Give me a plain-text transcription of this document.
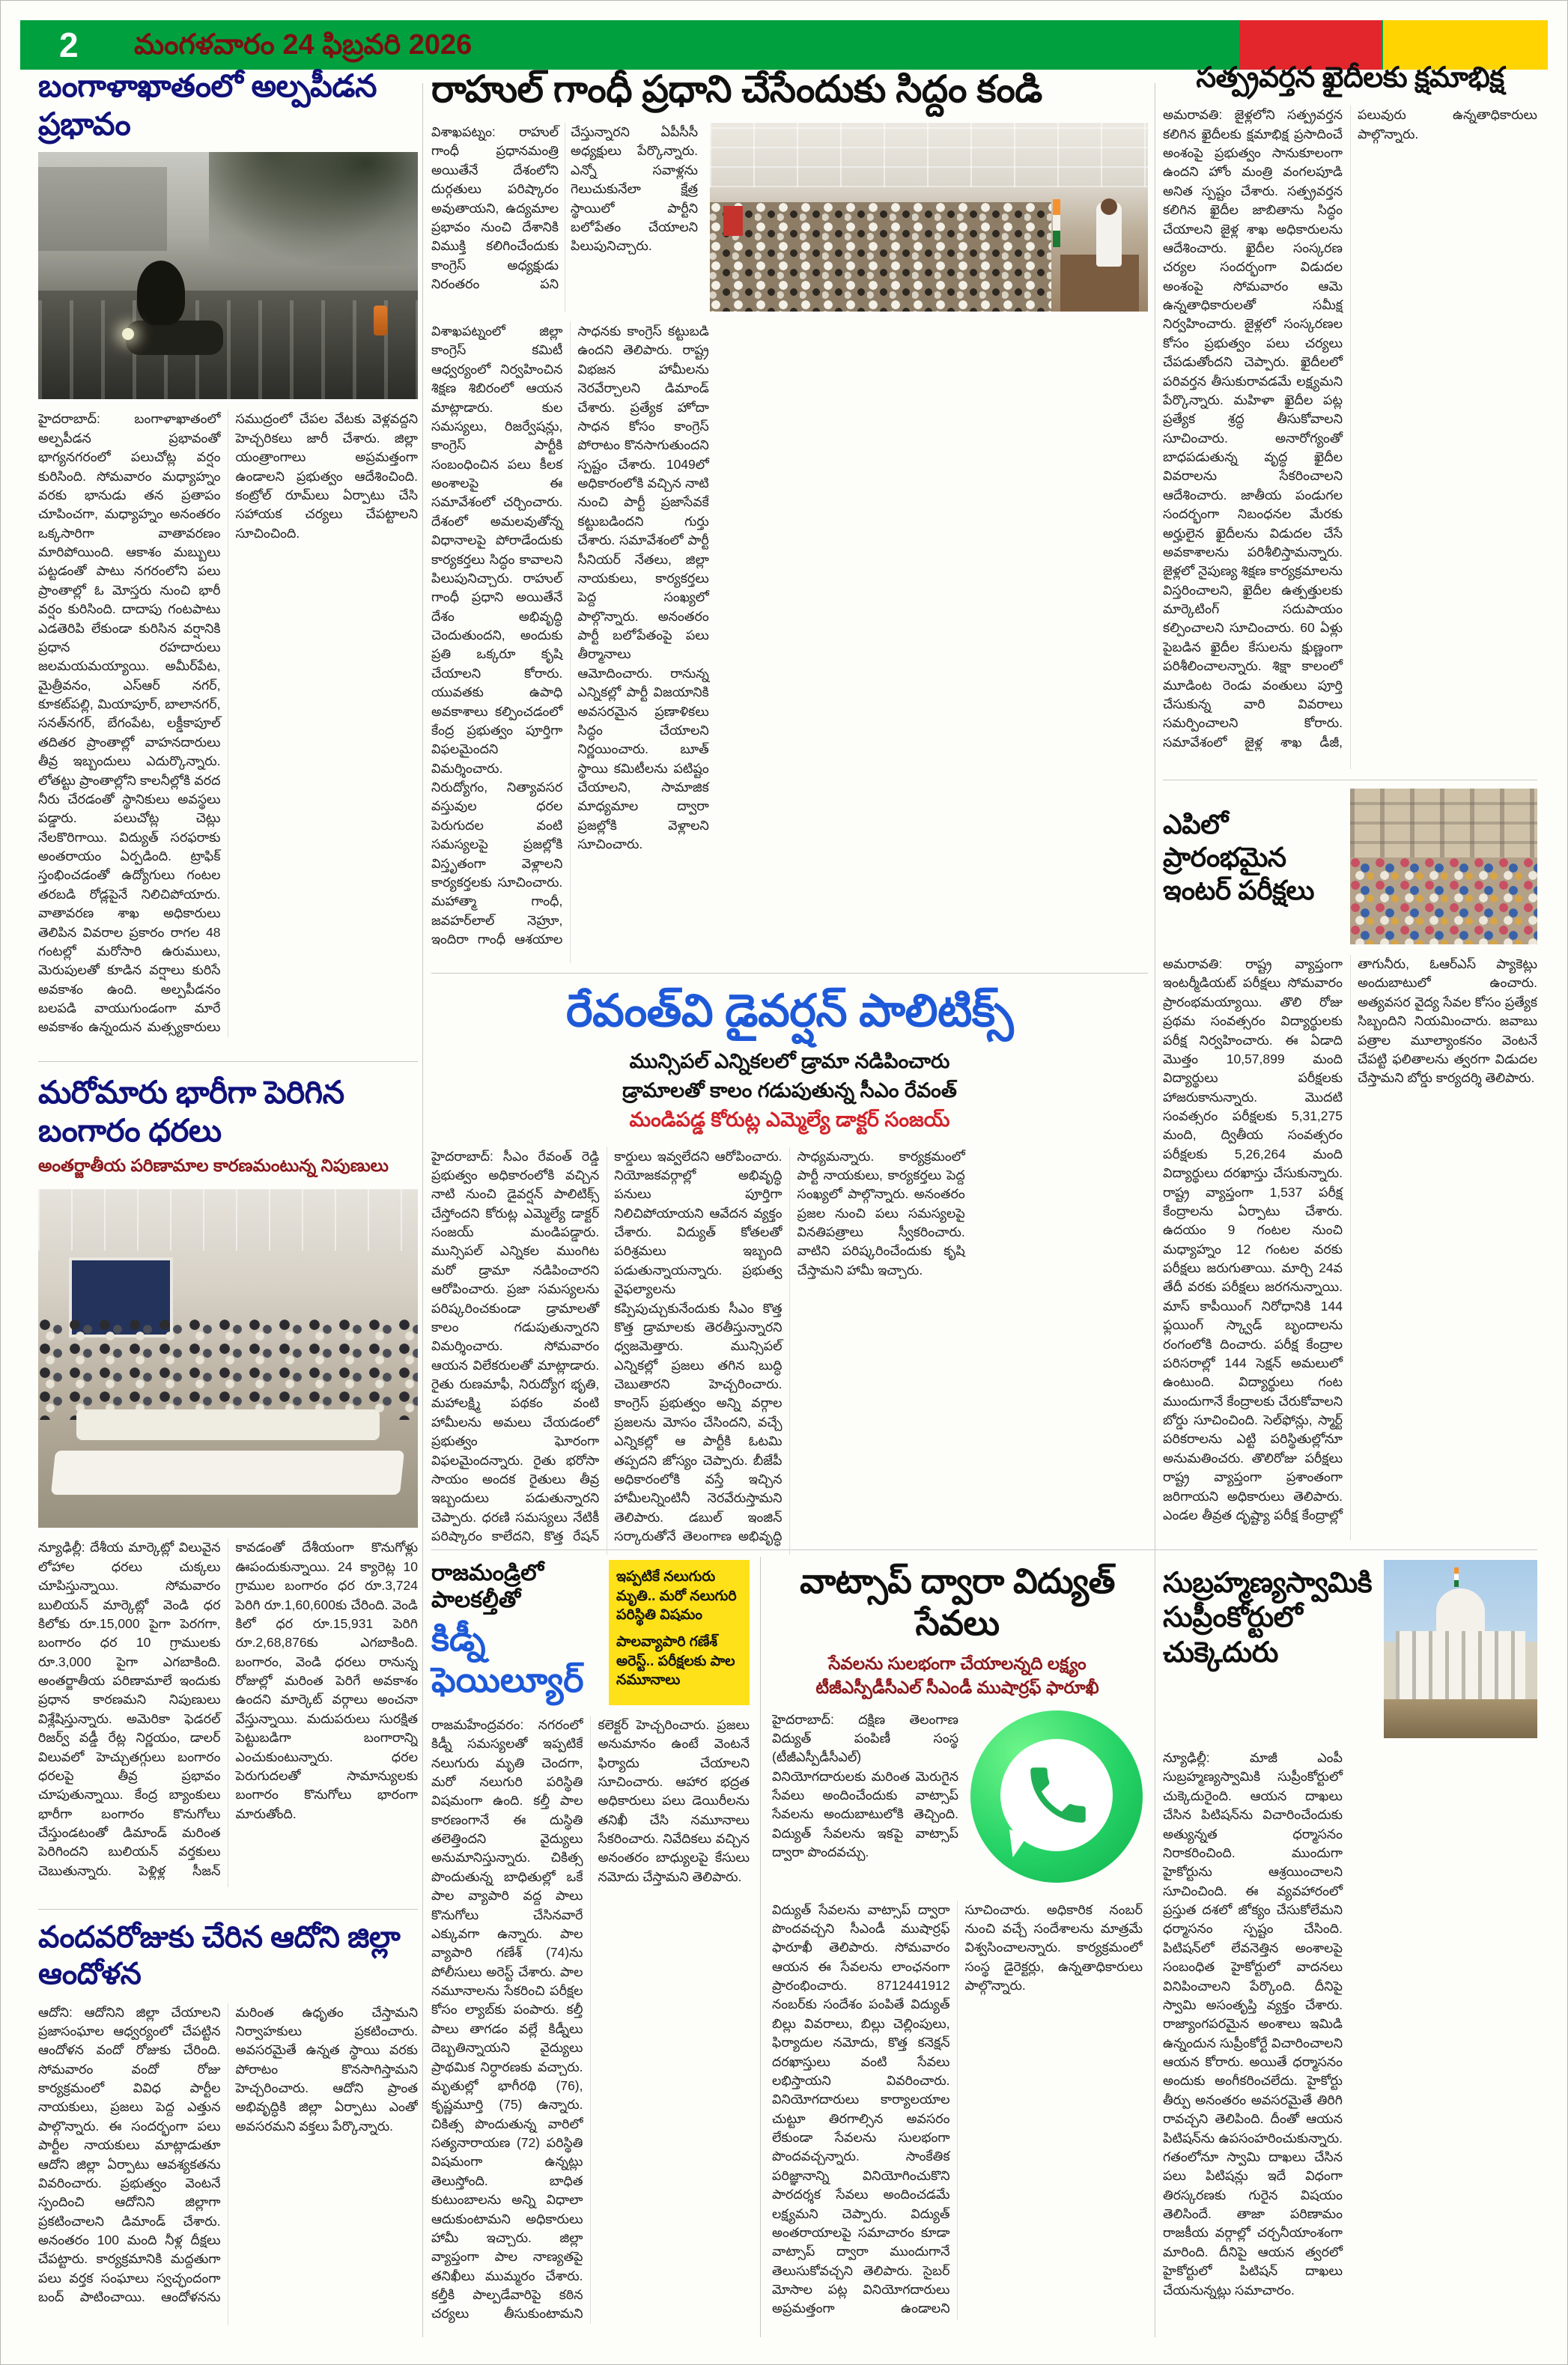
2 మంగళవారం 24 ఫిబ్రవరి 2026
బంగాళాఖాతంలో అల్పపీడన ప్రభావం
హైదరాబాద్: బంగాళాఖాతంలో అల్పపీడన ప్రభావంతో భాగ్యనగరంలో పలుచోట్ల వర్షం కురిసింది. సోమవారం మధ్యాహ్నం వరకు భానుడు తన ప్రతాపం చూపించగా, మధ్యాహ్నం అనంతరం ఒక్కసారిగా వాతావరణం మారిపోయింది. ఆకాశం మబ్బులు పట్టడంతో పాటు నగరంలోని పలు ప్రాంతాల్లో ఓ మోస్తరు నుంచి భారీ వర్షం కురిసింది. దాదాపు గంటపాటు ఎడతెరిపి లేకుండా కురిసిన వర్షానికి ప్రధాన రహదారులు జలమయమయ్యాయి. అమీర్‌పేట, మైత్రీవనం, ఎస్ఆర్ నగర్, కూకట్‌పల్లి, మియాపూర్, బాలానగర్, సనత్‌నగర్, బేగంపేట, లక్డీకాపూల్ తదితర ప్రాంతాల్లో వాహనదారులు తీవ్ర ఇబ్బందులు ఎదుర్కొన్నారు. లోతట్టు ప్రాంతాల్లోని కాలనీల్లోకి వరద నీరు చేరడంతో స్థానికులు అవస్థలు పడ్డారు. పలుచోట్ల చెట్లు నేలకొరిగాయి. విద్యుత్ సరఫరాకు అంతరాయం ఏర్పడింది. ట్రాఫిక్ స్తంభించడంతో ఉద్యోగులు గంటల తరబడి రోడ్లపైనే నిలిచిపోయారు. వాతావరణ శాఖ అధికారులు తెలిపిన వివరాల ప్రకారం రాగల 48 గంటల్లో మరోసారి ఉరుములు, మెరుపులతో కూడిన వర్షాలు కురిసే అవకాశం ఉంది. అల్పపీడనం బలపడి వాయుగుండంగా మారే అవకాశం ఉన్నందున మత్స్యకారులు సముద్రంలో చేపల వేటకు వెళ్లవద్దని హెచ్చరికలు జారీ చేశారు. జిల్లా యంత్రాంగాలు అప్రమత్తంగా ఉండాలని ప్రభుత్వం ఆదేశించింది. కంట్రోల్ రూమ్‌లు ఏర్పాటు చేసి సహాయక చర్యలు చేపట్టాలని సూచించింది.
రాహుల్ గాంధీ ప్రధాని చేసేందుకు సిద్దం కండి
విశాఖపట్నం: రాహుల్ గాంధీ ప్రధానమంత్రి అయితేనే దేశంలోని దుర్గతులు పరిష్కారం అవుతాయని, ఉద్యమాల ప్రభావం నుంచి దేశానికి విముక్తి కలిగించేందుకు కాంగ్రెస్ అధ్యక్షుడు నిరంతరం పని చేస్తున్నారని ఏపీసీసీ అధ్యక్షులు పేర్కొన్నారు. ఎన్నో సవాళ్లను గెలుచుకునేలా క్షేత్ర స్థాయిలో పార్టీని బలోపేతం చేయాలని పిలుపునిచ్చారు.
విశాఖపట్నంలో జిల్లా కాంగ్రెస్ కమిటీ ఆధ్వర్యంలో నిర్వహించిన శిక్షణ శిబిరంలో ఆయన మాట్లాడారు. కుల సమస్యలు, రిజర్వేషన్లు, కాంగ్రెస్ పార్టీకి సంబంధించిన పలు కీలక అంశాలపై ఈ సమావేశంలో చర్చించారు. దేశంలో అమలవుతోన్న విధానాలపై పోరాడేందుకు కార్యకర్తలు సిద్ధం కావాలని పిలుపునిచ్చారు. రాహుల్ గాంధీ ప్రధాని అయితేనే దేశం అభివృద్ధి చెందుతుందని, అందుకు ప్రతి ఒక్కరూ కృషి చేయాలని కోరారు. యువతకు ఉపాధి అవకాశాలు కల్పించడంలో కేంద్ర ప్రభుత్వం పూర్తిగా విఫలమైందని విమర్శించారు. నిరుద్యోగం, నిత్యావసర వస్తువుల ధరల పెరుగుదల వంటి సమస్యలపై ప్రజల్లోకి విస్తృతంగా వెళ్లాలని కార్యకర్తలకు సూచించారు. మహాత్మా గాంధీ, జవహర్‌లాల్ నెహ్రూ, ఇందిరా గాంధీ ఆశయాల సాధనకు కాంగ్రెస్ కట్టుబడి ఉందని తెలిపారు. రాష్ట్ర విభజన హామీలను నెరవేర్చాలని డిమాండ్ చేశారు. ప్రత్యేక హోదా సాధన కోసం కాంగ్రెస్ పోరాటం కొనసాగుతుందని స్పష్టం చేశారు. 1049లో అధికారంలోకి వచ్చిన నాటి నుంచి పార్టీ ప్రజాసేవకే కట్టుబడిందని గుర్తు చేశారు. సమావేశంలో పార్టీ సీనియర్ నేతలు, జిల్లా నాయకులు, కార్యకర్తలు పెద్ద సంఖ్యలో పాల్గొన్నారు. అనంతరం పార్టీ బలోపేతంపై పలు తీర్మానాలు ఆమోదించారు. రానున్న ఎన్నికల్లో పార్టీ విజయానికి అవసరమైన ప్రణాళికలు సిద్ధం చేయాలని నిర్ణయించారు. బూత్ స్థాయి కమిటీలను పటిష్టం చేయాలని, సామాజిక మాధ్యమాల ద్వారా ప్రజల్లోకి వెళ్లాలని సూచించారు.
సత్ప్రవర్తన ఖైదీలకు క్షమాభిక్ష
అమరావతి: జైళ్లలోని సత్ప్రవర్తన కలిగిన ఖైదీలకు క్షమాభిక్ష ప్రసాదించే అంశంపై ప్రభుత్వం సానుకూలంగా ఉందని హోం మంత్రి వంగలపూడి అనిత స్పష్టం చేశారు. సత్ప్రవర్తన కలిగిన ఖైదీల జాబితాను సిద్ధం చేయాలని జైళ్ల శాఖ అధికారులను ఆదేశించారు. ఖైదీల సంస్కరణ చర్యల సందర్భంగా విడుదల అంశంపై సోమవారం ఆమె ఉన్నతాధికారులతో సమీక్ష నిర్వహించారు. జైళ్లలో సంస్కరణల కోసం ప్రభుత్వం పలు చర్యలు చేపడుతోందని చెప్పారు. ఖైదీలలో పరివర్తన తీసుకురావడమే లక్ష్యమని పేర్కొన్నారు. మహిళా ఖైదీల పట్ల ప్రత్యేక శ్రద్ధ తీసుకోవాలని సూచించారు. అనారోగ్యంతో బాధపడుతున్న వృద్ధ ఖైదీల వివరాలను సేకరించాలని ఆదేశించారు. జాతీయ పండుగల సందర్భంగా నిబంధనల మేరకు అర్హులైన ఖైదీలను విడుదల చేసే అవకాశాలను పరిశీలిస్తామన్నారు. జైళ్లలో నైపుణ్య శిక్షణ కార్యక్రమాలను విస్తరించాలని, ఖైదీల ఉత్పత్తులకు మార్కెటింగ్ సదుపాయం కల్పించాలని సూచించారు. 60 ఏళ్లు పైబడిన ఖైదీల కేసులను క్షుణ్ణంగా పరిశీలించాలన్నారు. శిక్షా కాలంలో మూడింట రెండు వంతులు పూర్తి చేసుకున్న వారి వివరాలు సమర్పించాలని కోరారు. సమావేశంలో జైళ్ల శాఖ డీజీ, పలువురు ఉన్నతాధికారులు పాల్గొన్నారు.
ఎపిలో ప్రారంభమైన ఇంటర్ పరీక్షలు
అమరావతి: రాష్ట్ర వ్యాప్తంగా ఇంటర్మీడియట్ పరీక్షలు సోమవారం ప్రారంభమయ్యాయి. తొలి రోజు ప్రథమ సంవత్సరం విద్యార్థులకు పరీక్ష నిర్వహించారు. ఈ ఏడాది మొత్తం 10,57,899 మంది విద్యార్థులు పరీక్షలకు హాజరుకానున్నారు. మొదటి సంవత్సరం పరీక్షలకు 5,31,275 మంది, ద్వితీయ సంవత్సరం పరీక్షలకు 5,26,264 మంది విద్యార్థులు దరఖాస్తు చేసుకున్నారు. రాష్ట్ర వ్యాప్తంగా 1,537 పరీక్ష కేంద్రాలను ఏర్పాటు చేశారు. ఉదయం 9 గంటల నుంచి మధ్యాహ్నం 12 గంటల వరకు పరీక్షలు జరుగుతాయి. మార్చి 24వ తేదీ వరకు పరీక్షలు జరగనున్నాయి. మాస్ కాపీయింగ్ నిరోధానికి 144 ఫ్లయింగ్ స్క్వాడ్ బృందాలను రంగంలోకి దించారు. పరీక్ష కేంద్రాల పరిసరాల్లో 144 సెక్షన్ అమలులో ఉంటుంది. విద్యార్థులు గంట ముందుగానే కేంద్రాలకు చేరుకోవాలని బోర్డు సూచించింది. సెల్‌ఫోన్లు, స్మార్ట్ పరికరాలను ఎట్టి పరిస్థితుల్లోనూ అనుమతించరు. తొలిరోజు పరీక్షలు రాష్ట్ర వ్యాప్తంగా ప్రశాంతంగా జరిగాయని అధికారులు తెలిపారు. ఎండల తీవ్రత దృష్ట్యా పరీక్ష కేంద్రాల్లో తాగునీరు, ఓఆర్ఎస్ ప్యాకెట్లు అందుబాటులో ఉంచారు. అత్యవసర వైద్య సేవల కోసం ప్రత్యేక సిబ్బందిని నియమించారు. జవాబు పత్రాల మూల్యాంకనం వెంటనే చేపట్టి ఫలితాలను త్వరగా విడుదల చేస్తామని బోర్డు కార్యదర్శి తెలిపారు.
రేవంత్‌వి డైవర్షన్ పాలిటిక్స్
మున్సిపల్ ఎన్నికలలో డ్రామా నడిపించారు
డ్రామాలతో కాలం గడుపుతున్న సీఎం రేవంత్
మండిపడ్డ కోరుట్ల ఎమ్మెల్యే డాక్టర్ సంజయ్
హైదరాబాద్: సీఎం రేవంత్ రెడ్డి ప్రభుత్వం అధికారంలోకి వచ్చిన నాటి నుంచి డైవర్షన్ పాలిటిక్స్ చేస్తోందని కోరుట్ల ఎమ్మెల్యే డాక్టర్ సంజయ్ మండిపడ్డారు. మున్సిపల్ ఎన్నికల ముంగిట మరో డ్రామా నడిపించారని ఆరోపించారు. ప్రజా సమస్యలను పరిష్కరించకుండా డ్రామాలతో కాలం గడుపుతున్నారని విమర్శించారు. సోమవారం ఆయన విలేకరులతో మాట్లాడారు. రైతు రుణమాఫీ, నిరుద్యోగ భృతి, మహాలక్ష్మి పథకం వంటి హామీలను అమలు చేయడంలో ప్రభుత్వం ఘోరంగా విఫలమైందన్నారు. రైతు భరోసా సాయం అందక రైతులు తీవ్ర ఇబ్బందులు పడుతున్నారని చెప్పారు. ధరణి సమస్యలు నేటికీ పరిష్కారం కాలేదని, కొత్త రేషన్ కార్డులు ఇవ్వలేదని ఆరోపించారు. నియోజకవర్గాల్లో అభివృద్ధి పనులు పూర్తిగా నిలిచిపోయాయని ఆవేదన వ్యక్తం చేశారు. విద్యుత్ కోతలతో పరిశ్రమలు ఇబ్బంది పడుతున్నాయన్నారు. ప్రభుత్వ వైఫల్యాలను కప్పిపుచ్చుకునేందుకు సీఎం కొత్త కొత్త డ్రామాలకు తెరతీస్తున్నారని ధ్వజమెత్తారు. మున్సిపల్ ఎన్నికల్లో ప్రజలు తగిన బుద్ధి చెబుతారని హెచ్చరించారు. కాంగ్రెస్ ప్రభుత్వం అన్ని వర్గాల ప్రజలను మోసం చేసిందని, వచ్చే ఎన్నికల్లో ఆ పార్టీకి ఓటమి తప్పదని జోస్యం చెప్పారు. బీజేపీ అధికారంలోకి వస్తే ఇచ్చిన హామీలన్నింటినీ నెరవేరుస్తామని తెలిపారు. డబుల్ ఇంజిన్ సర్కారుతోనే తెలంగాణ అభివృద్ధి సాధ్యమన్నారు. కార్యక్రమంలో పార్టీ నాయకులు, కార్యకర్తలు పెద్ద సంఖ్యలో పాల్గొన్నారు. అనంతరం ప్రజల నుంచి పలు సమస్యలపై వినతిపత్రాలు స్వీకరించారు. వాటిని పరిష్కరించేందుకు కృషి చేస్తామని హామీ ఇచ్చారు.
మరోమారు భారీగా పెరిగిన బంగారం ధరలు
అంతర్జాతీయ పరిణామాల కారణమంటున్న నిపుణులు
న్యూఢిల్లీ: దేశీయ మార్కెట్లో విలువైన లోహాల ధరలు చుక్కలు చూపిస్తున్నాయి. సోమవారం బులియన్ మార్కెట్లో వెండి ధర కిలోకు రూ.15,000 పైగా పెరగగా, బంగారం ధర 10 గ్రాములకు రూ.3,000 పైగా ఎగబాకింది. అంతర్జాతీయ పరిణామాలే ఇందుకు ప్రధాన కారణమని నిపుణులు విశ్లేషిస్తున్నారు. అమెరికా ఫెడరల్ రిజర్వ్ వడ్డీ రేట్ల నిర్ణయం, డాలర్ విలువలో హెచ్చుతగ్గులు బంగారం ధరలపై తీవ్ర ప్రభావం చూపుతున్నాయి. కేంద్ర బ్యాంకులు భారీగా బంగారం కొనుగోలు చేస్తుండటంతో డిమాండ్ మరింత పెరిగిందని బులియన్ వర్తకులు చెబుతున్నారు. పెళ్లిళ్ల సీజన్ కావడంతో దేశీయంగా కొనుగోళ్లు ఊపందుకున్నాయి. 24 క్యారెట్ల 10 గ్రాముల బంగారం ధర రూ.3,724 పెరిగి రూ.1,60,600కు చేరింది. వెండి కిలో ధర రూ.15,931 పెరిగి రూ.2,68,876కు ఎగబాకింది. బంగారం, వెండి ధరలు రానున్న రోజుల్లో మరింత పెరిగే అవకాశం ఉందని మార్కెట్ వర్గాలు అంచనా వేస్తున్నాయి. మదుపరులు సురక్షిత పెట్టుబడిగా బంగారాన్ని ఎంచుకుంటున్నారు. ధరల పెరుగుదలతో సామాన్యులకు బంగారం కొనుగోలు భారంగా మారుతోంది.
వందవరోజుకు చేరిన ఆదోని జిల్లా ఆందోళన
ఆదోని: ఆదోనిని జిల్లా చేయాలని ప్రజాసంఘాల ఆధ్వర్యంలో చేపట్టిన ఆందోళన వందో రోజుకు చేరింది. సోమవారం వందో రోజు కార్యక్రమంలో వివిధ పార్టీల నాయకులు, ప్రజలు పెద్ద ఎత్తున పాల్గొన్నారు. ఈ సందర్భంగా పలు పార్టీల నాయకులు మాట్లాడుతూ ఆదోని జిల్లా ఏర్పాటు ఆవశ్యకతను వివరించారు. ప్రభుత్వం వెంటనే స్పందించి ఆదోనిని జిల్లాగా ప్రకటించాలని డిమాండ్ చేశారు. అనంతరం 100 మంది నీళ్ల దీక్షలు చేపట్టారు. కార్యక్రమానికి మద్దతుగా పలు వర్తక సంఘాలు స్వచ్ఛందంగా బంద్ పాటించాయి. ఆందోళనను మరింత ఉధృతం చేస్తామని నిర్వాహకులు ప్రకటించారు. అవసరమైతే ఉన్నత స్థాయి వరకు పోరాటం కొనసాగిస్తామని హెచ్చరించారు. ఆదోని ప్రాంత అభివృద్ధికి జిల్లా ఏర్పాటు ఎంతో అవసరమని వక్తలు పేర్కొన్నారు.
రాజమండ్రిలో పాలకల్తీతో
కిడ్నీ ఫెయిల్యూర్
ఇప్పటికే నలుగురు మృతి.. మరో నలుగురి పరిస్థితి విషమం
పాలవ్యాపారి గణేశ్ అరెస్ట్.. పరీక్షలకు పాల నమూనాలు
రాజమహేంద్రవరం: నగరంలో కిడ్నీ సమస్యలతో ఇప్పటికే నలుగురు మృతి చెందగా, మరో నలుగురి పరిస్థితి విషమంగా ఉంది. కల్తీ పాల కారణంగానే ఈ దుస్థితి తలెత్తిందని వైద్యులు అనుమానిస్తున్నారు. చికిత్స పొందుతున్న బాధితుల్లో ఒకే పాల వ్యాపారి వద్ద పాలు కొనుగోలు చేసినవారే ఎక్కువగా ఉన్నారు. పాల వ్యాపారి గణేశ్ (74)ను పోలీసులు అరెస్ట్ చేశారు. పాల నమూనాలను సేకరించి పరీక్షల కోసం ల్యాబ్‌కు పంపారు. కల్తీ పాలు తాగడం వల్లే కిడ్నీలు దెబ్బతిన్నాయని వైద్యులు ప్రాథమిక నిర్ధారణకు వచ్చారు. మృతుల్లో భాగీరథి (76), కృష్ణమూర్తి (75) ఉన్నారు. చికిత్స పొందుతున్న వారిలో సత్యనారాయణ (72) పరిస్థితి విషమంగా ఉన్నట్లు తెలుస్తోంది. బాధిత కుటుంబాలను అన్ని విధాలా ఆదుకుంటామని అధికారులు హామీ ఇచ్చారు. జిల్లా వ్యాప్తంగా పాల నాణ్యతపై తనిఖీలు ముమ్మరం చేశారు. కల్తీకి పాల్పడేవారిపై కఠిన చర్యలు తీసుకుంటామని కలెక్టర్ హెచ్చరించారు. ప్రజలు అనుమానం ఉంటే వెంటనే ఫిర్యాదు చేయాలని సూచించారు. ఆహార భద్రత అధికారులు పలు డెయిరీలను తనిఖీ చేసి నమూనాలు సేకరించారు. నివేదికలు వచ్చిన అనంతరం బాధ్యులపై కేసులు నమోదు చేస్తామని తెలిపారు.
వాట్సాప్ ద్వారా విద్యుత్ సేవలు
సేవలను సులభంగా చేయాలన్నది లక్ష్యం
టీజీఎస్పీడీసీఎల్ సీఎండీ ముషార్రఫ్ ఫారూఖీ
హైదరాబాద్: దక్షిణ తెలంగాణ విద్యుత్ పంపిణీ సంస్థ (టీజీఎస్పీడీసీఎల్) వినియోగదారులకు మరింత మెరుగైన సేవలు అందించేందుకు వాట్సాప్ సేవలను అందుబాటులోకి తెచ్చింది. విద్యుత్ సేవలను ఇకపై వాట్సాప్ ద్వారా పొందవచ్చు.
విద్యుత్ సేవలను వాట్సాప్ ద్వారా పొందవచ్చని సీఎండీ ముషార్రఫ్ ఫారూఖీ తెలిపారు. సోమవారం ఆయన ఈ సేవలను లాంఛనంగా ప్రారంభించారు. 8712441912 నంబర్‌కు సందేశం పంపితే విద్యుత్ బిల్లు వివరాలు, బిల్లు చెల్లింపులు, ఫిర్యాదుల నమోదు, కొత్త కనెక్షన్ దరఖాస్తులు వంటి సేవలు లభిస్తాయని వివరించారు. వినియోగదారులు కార్యాలయాల చుట్టూ తిరగాల్సిన అవసరం లేకుండా సేవలను సులభంగా పొందవచ్చన్నారు. సాంకేతిక పరిజ్ఞానాన్ని వినియోగించుకొని పారదర్శక సేవలు అందించడమే లక్ష్యమని చెప్పారు. విద్యుత్ అంతరాయాలపై సమాచారం కూడా వాట్సాప్ ద్వారా ముందుగానే తెలుసుకోవచ్చని తెలిపారు. సైబర్ మోసాల పట్ల వినియోగదారులు అప్రమత్తంగా ఉండాలని సూచించారు. అధికారిక నంబర్ నుంచి వచ్చే సందేశాలను మాత్రమే విశ్వసించాలన్నారు. కార్యక్రమంలో సంస్థ డైరెక్టర్లు, ఉన్నతాధికారులు పాల్గొన్నారు.
సుబ్రహ్మణ్యస్వామికి సుప్రీంకోర్టులో చుక్కెదురు
న్యూఢిల్లీ: మాజీ ఎంపీ సుబ్రహ్మణ్యస్వామికి సుప్రీంకోర్టులో చుక్కెదురైంది. ఆయన దాఖలు చేసిన పిటిషన్‌ను విచారించేందుకు అత్యున్నత ధర్మాసనం నిరాకరించింది. ముందుగా హైకోర్టును ఆశ్రయించాలని సూచించింది. ఈ వ్యవహారంలో ప్రస్తుత దశలో జోక్యం చేసుకోలేమని ధర్మాసనం స్పష్టం చేసింది. పిటిషన్‌లో లేవనెత్తిన అంశాలపై సంబంధిత హైకోర్టులో వాదనలు వినిపించాలని పేర్కొంది. దీనిపై స్వామి అసంతృప్తి వ్యక్తం చేశారు. రాజ్యాంగపరమైన అంశాలు ఇమిడి ఉన్నందున సుప్రీంకోర్టే విచారించాలని ఆయన కోరారు. అయితే ధర్మాసనం అందుకు అంగీకరించలేదు. హైకోర్టు తీర్పు అనంతరం అవసరమైతే తిరిగి రావచ్చని తెలిపింది. దీంతో ఆయన పిటిషన్‌ను ఉపసంహరించుకున్నారు. గతంలోనూ స్వామి దాఖలు చేసిన పలు పిటిషన్లు ఇదే విధంగా తిరస్కరణకు గురైన విషయం తెలిసిందే. తాజా పరిణామం రాజకీయ వర్గాల్లో చర్చనీయాంశంగా మారింది. దీనిపై ఆయన త్వరలో హైకోర్టులో పిటిషన్ దాఖలు చేయనున్నట్లు సమాచారం.
